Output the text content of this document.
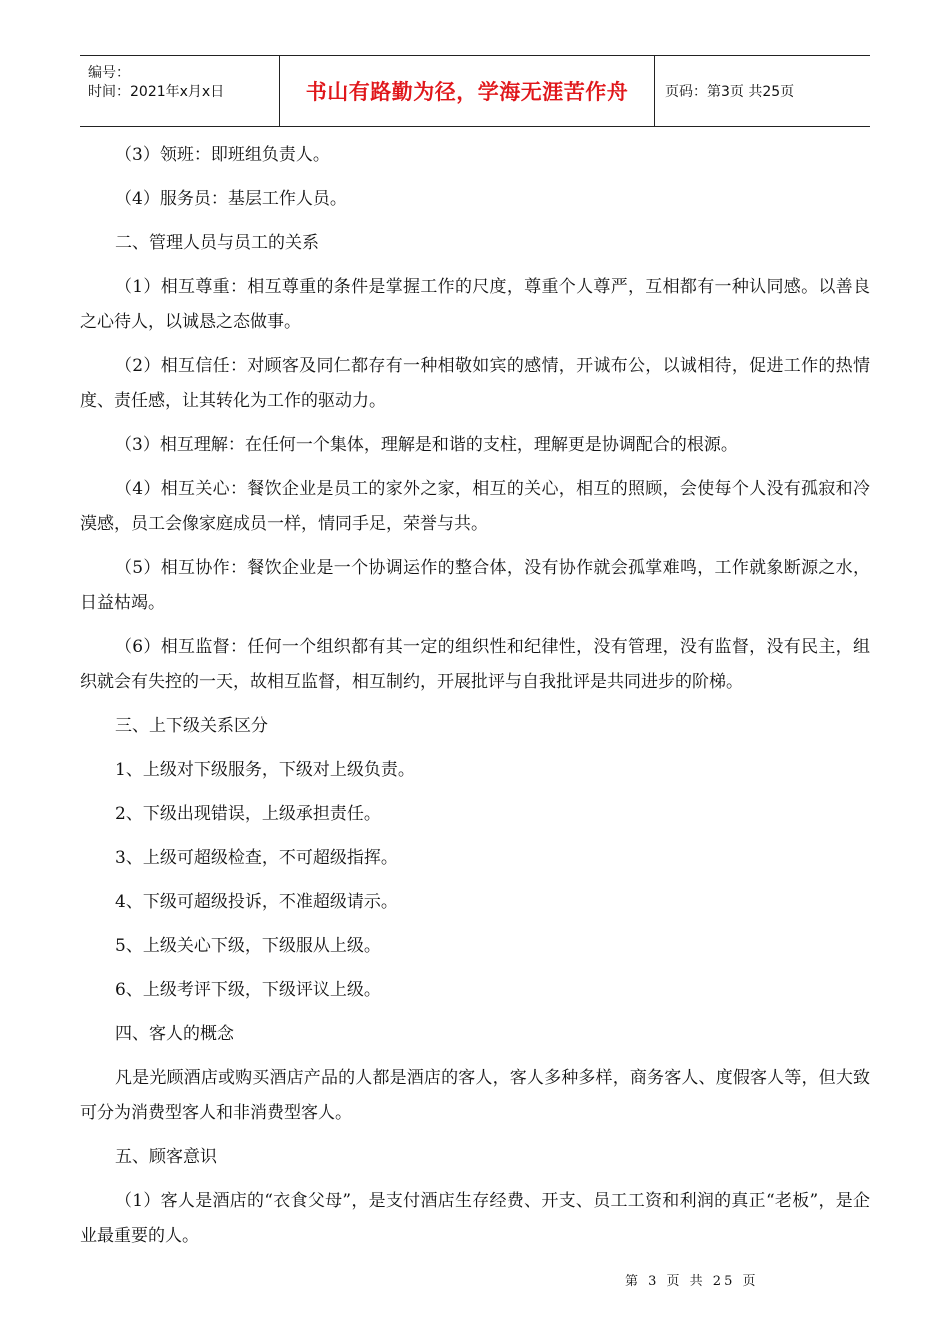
编号：
时间：2021年x月x日	书山有路勤为径，学海无涯苦作舟	页码：第3页 共25页

（3）领班：即班组负责人。

（4）服务员：基层工作人员。

二、管理人员与员工的关系

（1）相互尊重：相互尊重的条件是掌握工作的尺度，尊重个人尊严，互相都有一种认同感。以善良之心待人，以诚恳之态做事。

（2）相互信任：对顾客及同仁都存有一种相敬如宾的感情，开诚布公，以诚相待，促进工作的热情度、责任感，让其转化为工作的驱动力。

（3）相互理解：在任何一个集体，理解是和谐的支柱，理解更是协调配合的根源。

（4）相互关心：餐饮企业是员工的家外之家，相互的关心，相互的照顾，会使每个人没有孤寂和冷漠感，员工会像家庭成员一样，情同手足，荣誉与共。

（5）相互协作：餐饮企业是一个协调运作的整合体，没有协作就会孤掌难鸣，工作就象断源之水，日益枯竭。

（6）相互监督：任何一个组织都有其一定的组织性和纪律性，没有管理，没有监督，没有民主，组织就会有失控的一天，故相互监督，相互制约，开展批评与自我批评是共同进步的阶梯。

三、上下级关系区分

1、上级对下级服务，下级对上级负责。

2、下级出现错误，上级承担责任。

3、上级可超级检查，不可超级指挥。

4、下级可超级投诉，不准超级请示。

5、上级关心下级，下级服从上级。

6、上级考评下级，下级评议上级。

四、客人的概念

凡是光顾酒店或购买酒店产品的人都是酒店的客人，客人多种多样，商务客人、度假客人等，但大致可分为消费型客人和非消费型客人。

五、顾客意识

（1）客人是酒店的“衣食父母”，是支付酒店生存经费、开支、员工工资和利润的真正“老板”，是企业最重要的人。

第 3 页 共 25 页
